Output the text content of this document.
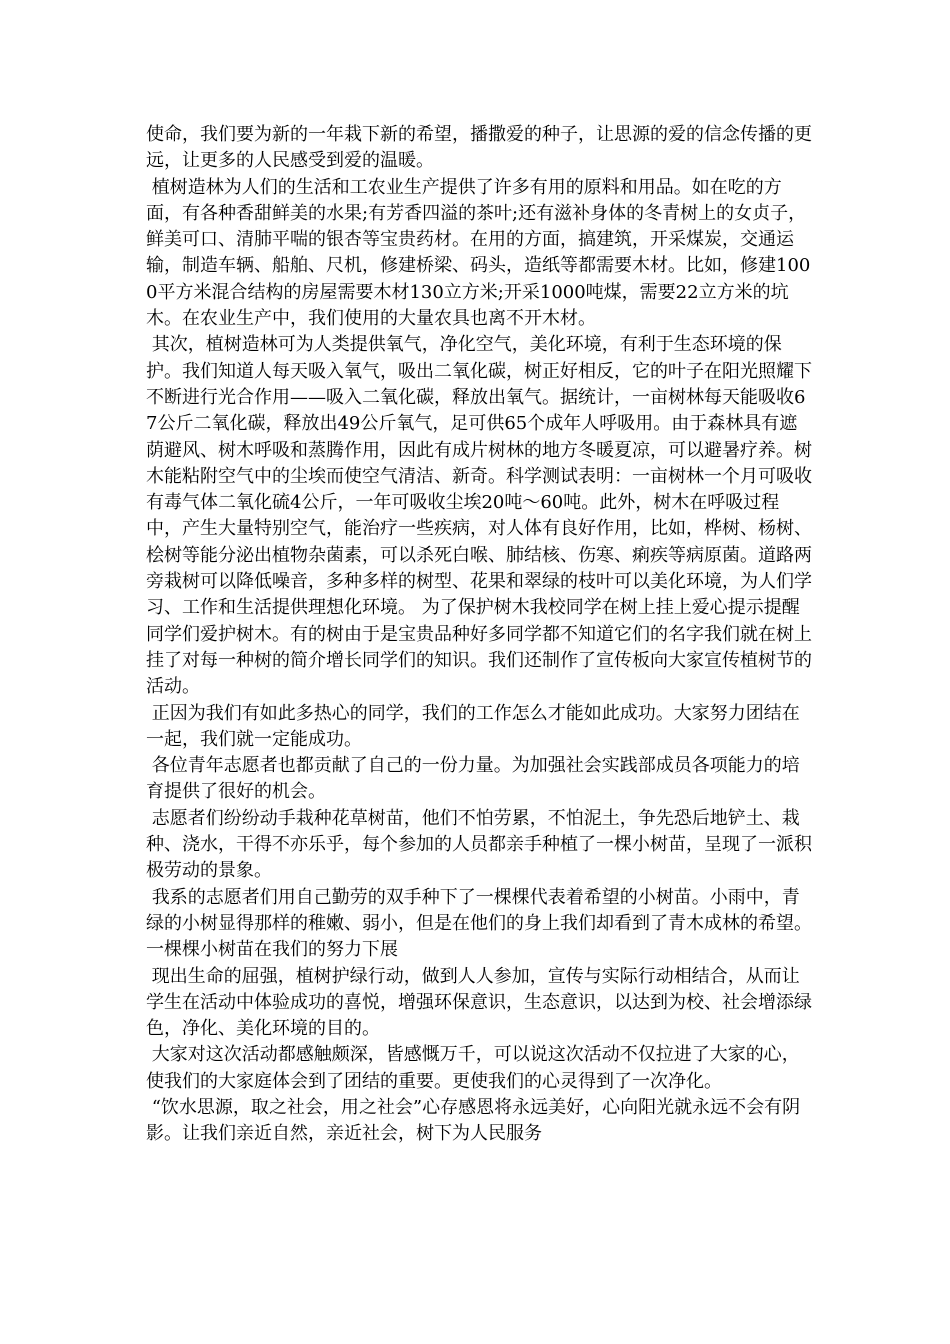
使命，我们要为新的一年栽下新的希望，播撒爱的种子，让思源的爱的信念传播的更远，让更多的人民感受到爱的温暖。

植树造林为人们的生活和工农业生产提供了许多有用的原料和用品。如在吃的方面，有各种香甜鲜美的水果;有芳香四溢的茶叶;还有滋补身体的冬青树上的女贞子，鲜美可口、清肺平喘的银杏等宝贵药材。在用的方面，搞建筑，开采煤炭，交通运输，制造车辆、船舶、尺机，修建桥梁、码头，造纸等都需要木材。比如，修建1000平方米混合结构的房屋需要木材130立方米;开采1000吨煤，需要22立方米的坑木。在农业生产中，我们使用的大量农具也离不开木材。

其次，植树造林可为人类提供氧气，净化空气，美化环境，有利于生态环境的保护。我们知道人每天吸入氧气，吸出二氧化碳，树正好相反，它的叶子在阳光照耀下不断进行光合作用——吸入二氧化碳，释放出氧气。据统计，一亩树林每天能吸收67公斤二氧化碳，释放出49公斤氧气，足可供65个成年人呼吸用。由于森林具有遮荫避风、树木呼吸和蒸腾作用，因此有成片树林的地方冬暖夏凉，可以避暑疗养。树木能粘附空气中的尘埃而使空气清洁、新奇。科学测试表明：一亩树林一个月可吸收有毒气体二氧化硫4公斤，一年可吸收尘埃20吨～60吨。此外，树木在呼吸过程中，产生大量特别空气，能治疗一些疾病，对人体有良好作用，比如，桦树、杨树、桧树等能分泌出植物杂菌素，可以杀死白喉、肺结核、伤寒、痢疾等病原菌。道路两旁栽树可以降低噪音，多种多样的树型、花果和翠绿的枝叶可以美化环境，为人们学习、工作和生活提供理想化环境。 为了保护树木我校同学在树上挂上爱心提示提醒同学们爱护树木。有的树由于是宝贵品种好多同学都不知道它们的名字我们就在树上挂了对每一种树的简介增长同学们的知识。我们还制作了宣传板向大家宣传植树节的活动。

正因为我们有如此多热心的同学，我们的工作怎么才能如此成功。大家努力团结在一起，我们就一定能成功。

各位青年志愿者也都贡献了自己的一份力量。为加强社会实践部成员各项能力的培育提供了很好的机会。

志愿者们纷纷动手栽种花草树苗，他们不怕劳累，不怕泥土，争先恐后地铲土、栽种、浇水，干得不亦乐乎，每个参加的人员都亲手种植了一棵小树苗，呈现了一派积极劳动的景象。

我系的志愿者们用自己勤劳的双手种下了一棵棵代表着希望的小树苗。小雨中，青绿的小树显得那样的稚嫩、弱小，但是在他们的身上我们却看到了青木成林的希望。一棵棵小树苗在我们的努力下展

现出生命的屈强，植树护绿行动，做到人人参加，宣传与实际行动相结合，从而让学生在活动中体验成功的喜悦，增强环保意识，生态意识，以达到为校、社会增添绿色，净化、美化环境的目的。

大家对这次活动都感触颇深，皆感慨万千，可以说这次活动不仅拉进了大家的心，使我们的大家庭体会到了团结的重要。更使我们的心灵得到了一次净化。

“饮水思源，取之社会，用之社会”心存感恩将永远美好，心向阳光就永远不会有阴影。让我们亲近自然，亲近社会，树下为人民服务
